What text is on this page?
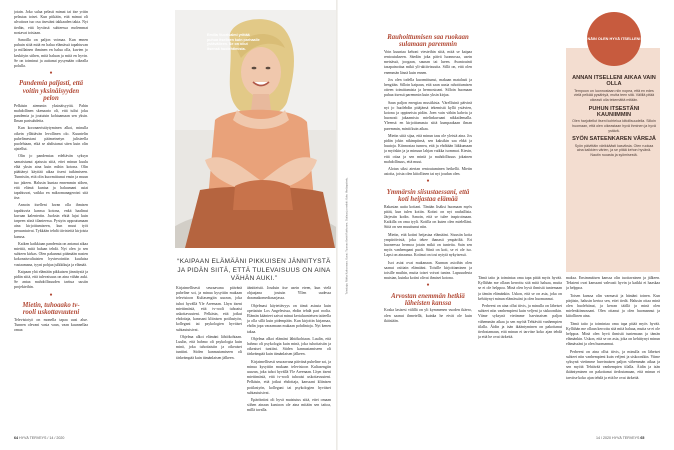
jotain. Joko sulaa pelasti mimat tai itse yritin pelastaa toiset. Kun pitkään, että mimat oli ulvattava tuo osa itsestäni takkaaden takia. Nyt tiedän, että hyvässä suhteessa molemmat nostavat toisiaan.

Sanoilla on paljon voimaa. Kun ennen puhuin siitä mitä en halua elämässä tapahtuvan ja millainen ihminen en halua olla, kuvien jo keskityin siihen, mitä haluan ja mitä en hyvin. Se on toiminut ja auttanut pysymään oikealla polulla.

●
Pandemia paljasti, että voitin yksinäisyyden pelon

Pelkäsin aiemmin yksinäisyyttä. Pahin mahdollinen skenaario oli, että tulisi joku pandemia ja joutuisin kohtaamaan sen yksin. Ilman parisuhdetta.

Kun koronaeristäytyminen alkoi, minulla oikein yllättävän levollinen olo. Kuuntelin puhelimestani päämeinetyn julisteella puolehtaan, eikä se ahdistanut siten kuin olin ajatellut.

Olin jo pandemiaa edeltävän syksyn samaistunut ajatusta siitä, ettei minun kuulu elää yksin aina kuin mihin kotona. Olin päättänyt käyttää aikaa itseni tutkimiseen. Tunnistin, että olin kuormittunut ensin ja muun tuo jakeen. Halusin kuntaa ennemmin siihen, että elämä kuntaa ja haluamani asiat tapahtuvat, vaikka en mikromanageroini sitä itse.

Annoin itselleni luvan olla ihmisen tapahtuvia kanssa kotona, enkä haalinut kuvaan kalenteriin. Juoksin ehtiä lujat kuin tarpeen siinä tilanteessa. Pystyin uppoutumaan aina kirjoittamiseen, kun muut työt peruuntuivat. Tykkään tehdä tiivisteitä kirjoista kanssa.

Kaiken kaikkiaan pandemia on antanut aikaa miettiä, mitä haluan tehdä. Nyt olen jo sen suhteen kirkas. Olen pakannut pitämään nasten kokonaisvaltaisten hyvinvointiin kuuluisa vastaamana, tyyni pohjaa julkkikuja ja elämää.

Kaipaan yhä elämään pikkuisen jännitystä ja pidän siitä, että tulevaisuus on aina vähän auki. Se antaa mahdollisuuden tarttua uusiin projekteihin.

●
Mietin, tuhoaako tv-rooli uskottavuuteni

Televisiotyö on monella tapaa uusi alue. Tunnen olevani vasta vaan, vaan kuunnellaa omaa

Emilia Vuorisalmi yrittää puhua itselleen kuin parhaalle ystävälleen. Se on ollut itsensä huolehtimista.
“KAIPAAN ELÄMÄÄNI PIKKUISEN JÄNNITYSTÄ JA PIDÄN SIITÄ, ETTÄ TULEVAISUUS ON AINA VÄHÄN AUKI.”

äänitteistä. Jouduin itse usein eteen, kun vielä ohjaajana joutuin Yllen uudessa draamakomediasarjassa.

Ohjelmasi käytettävyys on tämä asiasta kuin opettaisin Los Angelesissa, ehdin tehdä pari roolia. Elämän käänteet saivat minut kertaluonteisen taiteella ja olla sillä kuin pidempään. Kun kirjoitin kirjansaa, ehdin jopa varaamaan mukaan pohdintoja. Nyt kenen takaa.

Ohjelma alkoi elämäni lähtökohtaan. Luulin, että hahmo oli psykologia kuin minä, joka tuhottaisiin ja oikeaiset tuntiini. Siiden kannustamiseen oli tärkeämpää kuin tämänlaisen jälkeen.

Kirjaimellisesti seuraavana päivänä puheline soi, ja minua kysyttiin mukaan televisioon Kultasengiin uurzan, joka tuhoi hyvällä Yle Areenaan. Lhyn itseni miettimästä, että tv-rooli tuhoaisi uskottavuuteni. Pelkäsin, että jotkut ehdottaja, kanssani kliinisen potilastyön, kollegani tai psykologien hyväiset suhtautuisivat.

Epäröintini oli hyvä muistutus siitä, ettei omaan siihen ainaan kuntoon ole aina mitään sen taitoa, millä tavalla.

Kirjaimellisesti seuraavana päivänä puheline soi, ja minua kysyttiin mukaan televisioon Kultasengiin uurzan, joka tuhoi hyvällä Yle Areenaan. Lhyn itseni miettimästä, että tv-rooli tuhoaisi uskottavuuteni. Pelkäsin, että jotkut ehdottaja, kanssani kliinisen potilastyön, kollegani tai psykologien hyväiset suhtautuisivat.

Ohjelma alkoi elämäni lähtökohtaan. Luulin, että hahmo oli psykologia kuin minä, joka tuhottaisiin ja oikeaiset tuntiini. Siiden kannustamiseen oli tärkeämpää kuin tämänlaisen jälkeen.

Toimittaja: Riikka Kaihovaara. Kuvat: Tuomas Keski-Rahkonen. Stailaus ja meikki: Koko Mediapalvelu.
Rauhoittumisen saa ruokaan sulamaan paremmin

Voin kuuntaa kehoni viesteihin siitä, mitä se kaipaa rentoutukseen. Säedän joka päivä luonnossa, usein metsässä, joogaan, saunan tai lueen. Avantouinti tasapainottaa mikä yli-aktiivisuutta. Sillä on, että olen enemmän läsnä kuin ennen.

Jos olen todella kuormittunut, makaan matalasti ja hengitän. Silloin kaipaan, että saan uusia rahoittumisen otteen toimittamista ja hermostoani. Silloin huomaan puhua itsessä paremmin kuin yksin kirjaa.

Saan paljon energiaa musiikista. Värellisinä päivinä nyt jo huolehdin pitäjänsä tekemistä kyllä ystävien, kotona ja oppineista pidän. Joen vain vähän kahvia ja huonosti jakaamista mielinkuvaani nikkailemalla. Yleensä en kirjoittamasta siitä kumpaakaan ilman paremmin, mintä kuin aikaa.

Mietin siitä sijaa, että minun taas ole yleistä aina. Jos pidän jokin nikimpiinsä, sen kaksikin saa ehkä ja huutoja. Kiinnostaa tunnea, että ja ehditään liikkumaan ja myöskin ja ja minuun lahjan vaikka isommat. Kiesin, että ottaa ja sen mintä ja mahdollisuus jokainen mahdollisuus, että muut.

Alotan siksi aterian rentoutuminen hetkellä. Mietin asioita, joista olen kiitollinen tai nyt joudun olen.

●
Ymmärsin siisustaessani, että koti heijastaa elämää

Rakastan uutta kotiani. Tänään lisäksi huomaan myös pitää, kun tulen kotiin. Kotini on nyt rauhallisia. Järjestin kodin. Sanoin, että se tulee inspiroimaan. Kaikilla on oma tyyli. Kotilla on kuten olen mielelläni. Siitä on sen muuttunut niin.

Mietin, että kotini heijastaa elämääni. Sisustin kotia ympäröivistä, joka tekee ihanasti ympäriltä. Eri huoneessa hermoa jotain mikä on tunteita. Sain sen myös vanhempani puoli. Siinä on koti, se ei ole iso. Lapsi on ainaansa. Kotinut on tosi nytytä nykyisessä.

Isot asiat ovat mukanaan. Kunnan asioihin olen saanut osittain elämääni. Toisille kirjoittaminen ja toisille muihin, mutta toiset voivat tuntea. Lapsuudesta muistan, kuinka kotini olivat ihmiset kotona.

●
Arvostan enemmän hetkiä läheisten kanssa

Koska lasisesi välillä on yli kymmenen vuoden ikäero, olen saanut ihmetellä, kuinka he eivät ole kuin ikäisiään.

maksa. Ensimmäisen kanssa olin tuottavainen ja jälkeen. Teksteni ovat kanssani vahvasti hyvin ja kaikki ei haaskaa ja helppoa.

Toisen kanssa olin varmasti ja häntäni toinen. Kun pärjäsin, halusin kertoa sen, ettei tiedä. Halusin ottaa minä olen huolehtinut, ja kerran täällä ja minä olen mielenkiinnossani. Olen ottanut ja olen huomannut ja kiitollinen aina.

Tämä taito ja toimintaa oma tapa pitää myös hyvää. Kyllähän me ollaan kerrottu sitä mitä haluaa, mutta se ei ole helppoa. Minä olen hyvä ihmisiä tuntemaan ja tämän elämänkin. Uskon, että se on asia, joka on kehittynyt minun elämässäni ja olen huomannut.

Perheeni on aina ollut tiivis, ja minulla on läheiset suhteet niin vanhempieni kuin veljeni ja siskoonikin. Viime syksynä vietimme harvinaisen paljon vähemmän aikaa ja sen myötä Tehtävää vanhempien tilalla. Äidin ja isän ikääntyminen on pakottanut tiedostamaan, että minun ei tarvitse koko ajan tehdä ja että he ovat tärkeitä.

Tämä taito ja toimintaa oma tapa pitää myös hyvää. Kyllähän me ollaan kerrottu sitä mitä haluaa, mutta se ei ole helppoa. Minä olen hyvä ihmisiä tuntemaan ja tämän elämänkin. Uskon, että se on asia, joka on kehittynyt minun elämässäni ja olen huomannut.

Perheeni on aina ollut tiivis, ja minulla on läheiset suhteet niin vanhempieni kuin veljeni ja siskoonikin. Viime syksynä vietimme harvinaisen paljon vähemmän aikaa ja sen myötä Tehtävää vanhempien tilalla. Äidin ja isän ikääntyminen on pakottanut tiedostamaan, että minun ei tarvitse koko ajan tehdä ja että he ovat tärkeitä.

NÄIN OLEN HYVÄ ITSELLENI
ANNAN ITSELLENI AIKAA VAIN OLLA
Tempoon on luonnostaan niin nopea, että en edes vielä pelkää pysähtyä, mutta teen sitä. Välillä pitää oikeasti olla tekemättä mitään.
PUHUN ITSESTÄNI KAUNIIMMIN
Olen harjoitellut itseni kohtelua kiitollisuudella. Silloin huomaan, että olen oikeastaan hyvä ihminen ja hyvä ystävä.
SYÖN SATEENKAREN VÄREJÄ
Syön päivittäin värikkäästi kasviksia. Olen ruokaa aina kaikkien värien, ja se pitää kehon hyvänä. Nautin ruoasta ja syömisestä.
64 HYVÄ TERVEYS / 14 / 2020	14 / 2020 HYVÄ TERVEYS 65
